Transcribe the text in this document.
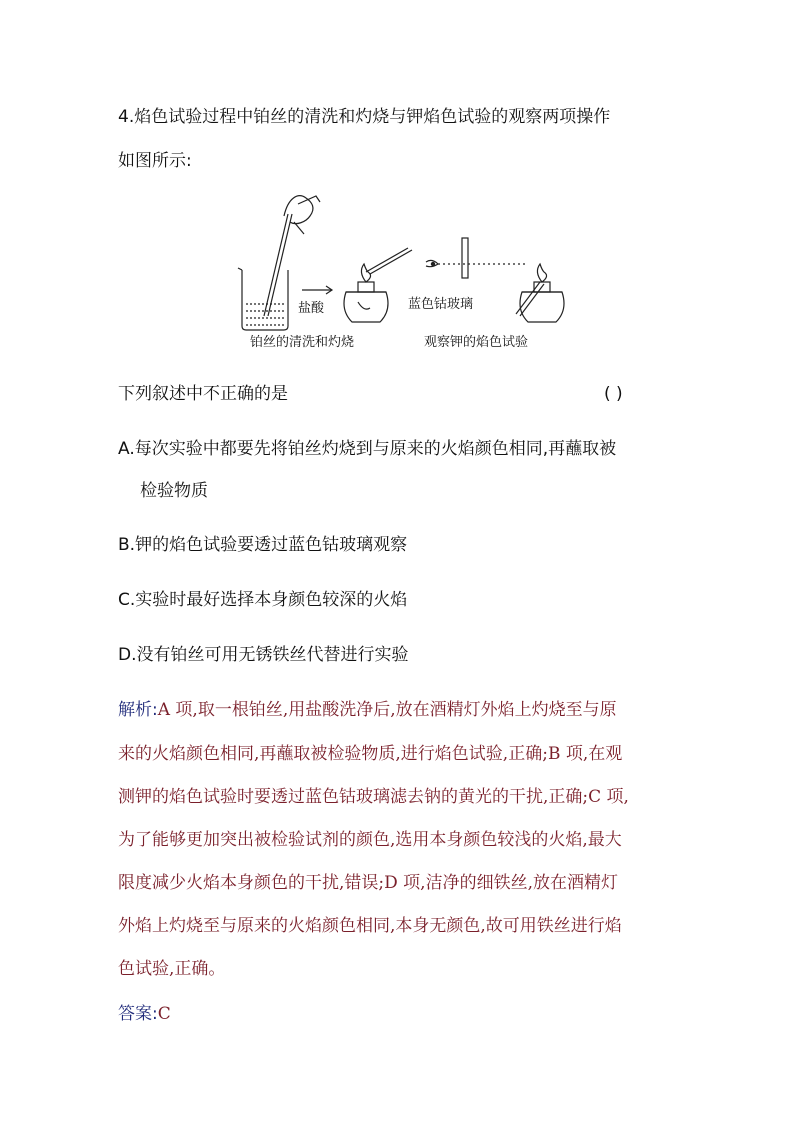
4.焰色试验过程中铂丝的清洗和灼烧与钾焰色试验的观察两项操作
如图所示:
盐酸	蓝色钴玻璃
铂丝的清洗和灼烧	观察钾的焰色试验
下列叙述中不正确的是	( )
A.每次实验中都要先将铂丝灼烧到与原来的火焰颜色相同,再蘸取被
检验物质
B.钾的焰色试验要透过蓝色钴玻璃观察
C.实验时最好选择本身颜色较深的火焰
D.没有铂丝可用无锈铁丝代替进行实验
解析:A 项,取一根铂丝,用盐酸洗净后,放在酒精灯外焰上灼烧至与原
来的火焰颜色相同,再蘸取被检验物质,进行焰色试验,正确;B 项,在观
测钾的焰色试验时要透过蓝色钴玻璃滤去钠的黄光的干扰,正确;C 项,
为了能够更加突出被检验试剂的颜色,选用本身颜色较浅的火焰,最大
限度减少火焰本身颜色的干扰,错误;D 项,洁净的细铁丝,放在酒精灯
外焰上灼烧至与原来的火焰颜色相同,本身无颜色,故可用铁丝进行焰
色试验,正确。
答案:C
